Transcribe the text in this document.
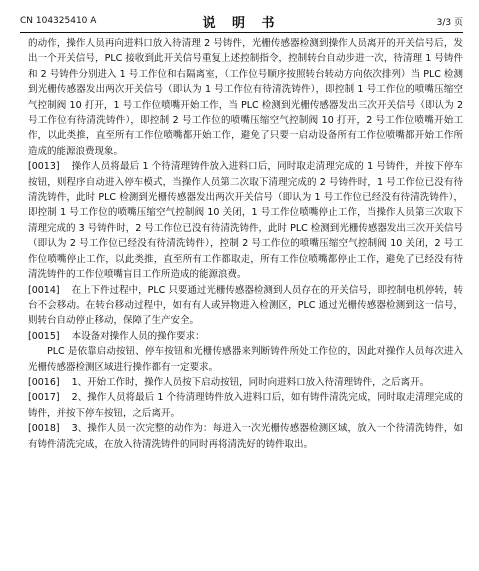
CN 104325410 A	说 明 书	3/3 页

的动作，操作人员再向进料口放入待清理 2 号铸件，光栅传感器检测到操作人员离开的开关信号后，发出一个开关信号，PLC 接收到此开关信号重复上述控制指令，控制转台自动步进一次，待清理 1 号铸件和 2 号铸件分别进入 1 号工作位和右隔离室，（工作位号顺序按照转台转动方向依次排列）当 PLC 检测到光栅传感器发出两次开关信号（即认为 1 号工作位有待清洗铸件），即控制 1 号工作位的喷嘴压缩空气控制阀 10 打开，1 号工作位喷嘴开始工作，当 PLC 检测到光栅传感器发出三次开关信号（即认为 2 号工作位有待清洗铸件），即控制 2 号工作位的喷嘴压缩空气控制阀 10 打开，2 号工作位喷嘴开始工作，以此类推，直至所有工作位喷嘴都开始工作，避免了只要一启动设备所有工作位喷嘴都开始工作所造成的能源浪费现象。

[0013] 操作人员将最后 1 个待清理铸件放入进料口后，同时取走清理完成的 1 号铸件，并按下停车按钮，则程序自动进入停车模式，当操作人员第二次取下清理完成的 2 号铸件时，1 号工作位已没有待清洗铸件，此时 PLC 检测到光栅传感器发出两次开关信号（即认为 1 号工作位已经没有待清洗铸件），即控制 1 号工作位的喷嘴压缩空气控制阀 10 关闭，1 号工作位喷嘴停止工作，当操作人员第三次取下清理完成的 3 号铸件时，2 号工作位已没有待清洗铸件，此时 PLC 检测到光栅传感器发出三次开关信号（即认为 2 号工作位已经没有待清洗铸件），控制 2 号工作位的喷嘴压缩空气控制阀 10 关闭，2 号工作位喷嘴停止工作，以此类推，直至所有工作都取走，所有工作位喷嘴都停止工作，避免了已经没有待清洗铸件的工作位喷嘴盲目工作所造成的能源浪费。

[0014] 在上下件过程中，PLC 只要通过光栅传感器检测到人员存在的开关信号，即控制电机停转，转台不会移动。在转台移动过程中，如有有人或异物进入检测区，PLC 通过光栅传感器检测到这一信号，则转台自动停止移动，保障了生产安全。

[0015] 本设备对操作人员的操作要求：

PLC 是依靠启动按钮、停车按钮和光栅传感器来判断铸件所处工作位的，因此对操作人员每次进入光栅传感器检测区域进行操作都有一定要求。

[0016] 1、开始工作时，操作人员按下启动按钮，同时向进料口放入待清理铸件，之后离开。

[0017] 2、操作人员将最后 1 个待清理铸件放入进料口后，如有铸件清洗完成，同时取走清理完成的铸件，并按下停车按钮，之后离开。

[0018] 3、操作人员一次完整的动作为：每进入一次光栅传感器检测区域，放入一个待清洗铸件，如有铸件清洗完成，在放入待清洗铸件的同时再将清洗好的铸件取出。
